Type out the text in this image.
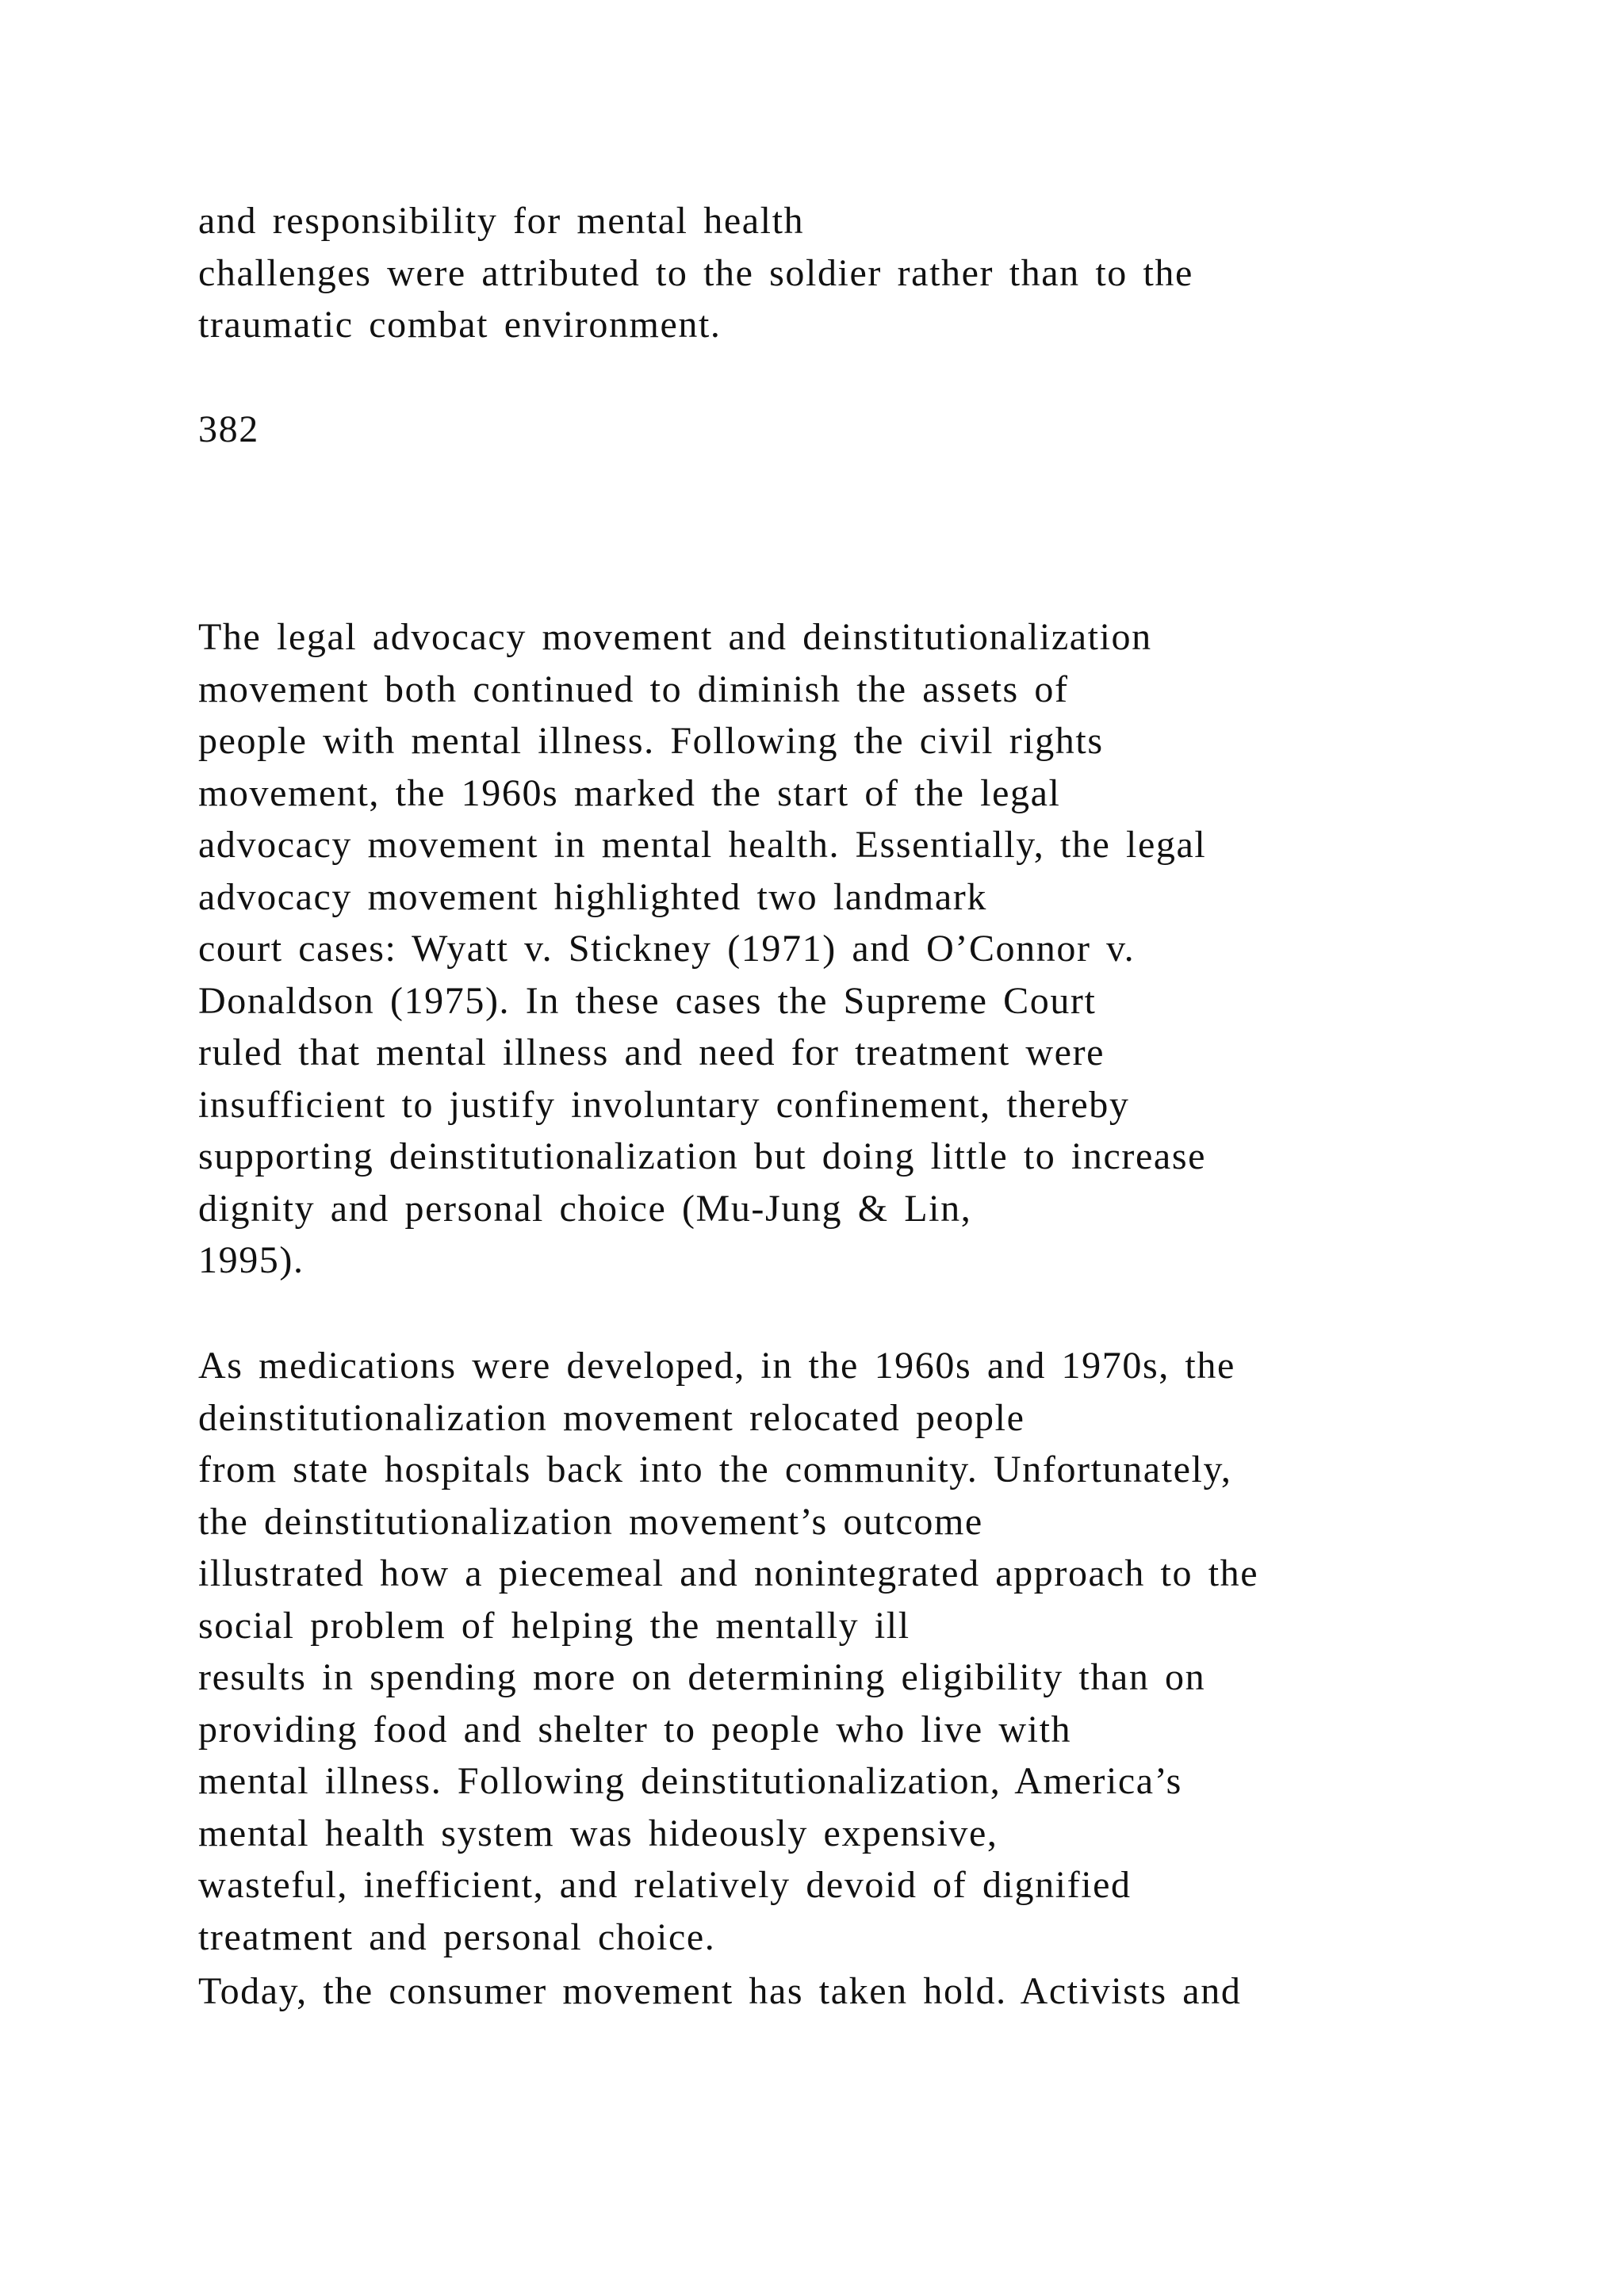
and responsibility for mental health
challenges were attributed to the soldier rather than to the
traumatic combat environment.
382
The legal advocacy movement and deinstitutionalization
movement both continued to diminish the assets of
people with mental illness. Following the civil rights
movement, the 1960s marked the start of the legal
advocacy movement in mental health. Essentially, the legal
advocacy movement highlighted two landmark
court cases: Wyatt v. Stickney (1971) and O’Connor v.
Donaldson (1975). In these cases the Supreme Court
ruled that mental illness and need for treatment were
insufficient to justify involuntary confinement, thereby
supporting deinstitutionalization but doing little to increase
dignity and personal choice (Mu-Jung & Lin,
1995).
As medications were developed, in the 1960s and 1970s, the
deinstitutionalization movement relocated people
from state hospitals back into the community. Unfortunately,
the deinstitutionalization movement’s outcome
illustrated how a piecemeal and nonintegrated approach to the
social problem of helping the mentally ill
results in spending more on determining eligibility than on
providing food and shelter to people who live with
mental illness. Following deinstitutionalization, America’s
mental health system was hideously expensive,
wasteful, inefficient, and relatively devoid of dignified
treatment and personal choice.
Today, the consumer movement has taken hold. Activists and
